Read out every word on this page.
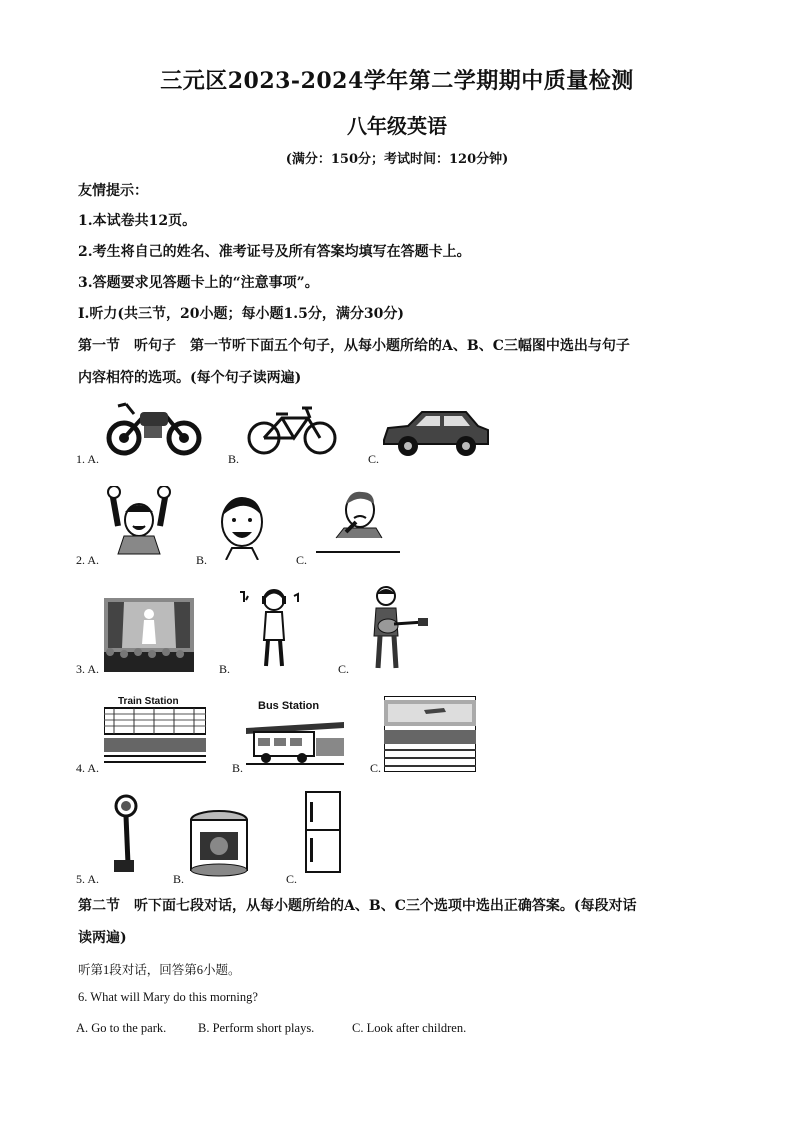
三元区2023-2024学年第二学期期中质量检测
八年级英语
(满分：150分；考试时间：120分钟)
友情提示：
1.本试卷共12页。
2.考生将自己的姓名、准考证号及所有答案均填写在答题卡上。
3.答题要求见答题卡上的“注意事项”。
Ⅰ.听力(共三节，20小题；每小题1.5分，满分30分)
第一节　听句子　第一节听下面五个句子，从每小题所给的A、B、C三幅图中选出与句子
内容相符的选项。(每个句子读两遍)
1. A.	B.	C.
2. A.	B.	C.
3. A.	B.	C.
Train Station	Bus Station
4. A.	B.	C.
5. A.	B.	C.
第二节　听下面七段对话，从每小题所给的A、B、C三个选项中选出正确答案。(每段对话
读两遍)
听第1段对话，回答第6小题。
6. What will Mary do this morning?
A. Go to the park.	B. Perform short plays.	C. Look after children.
